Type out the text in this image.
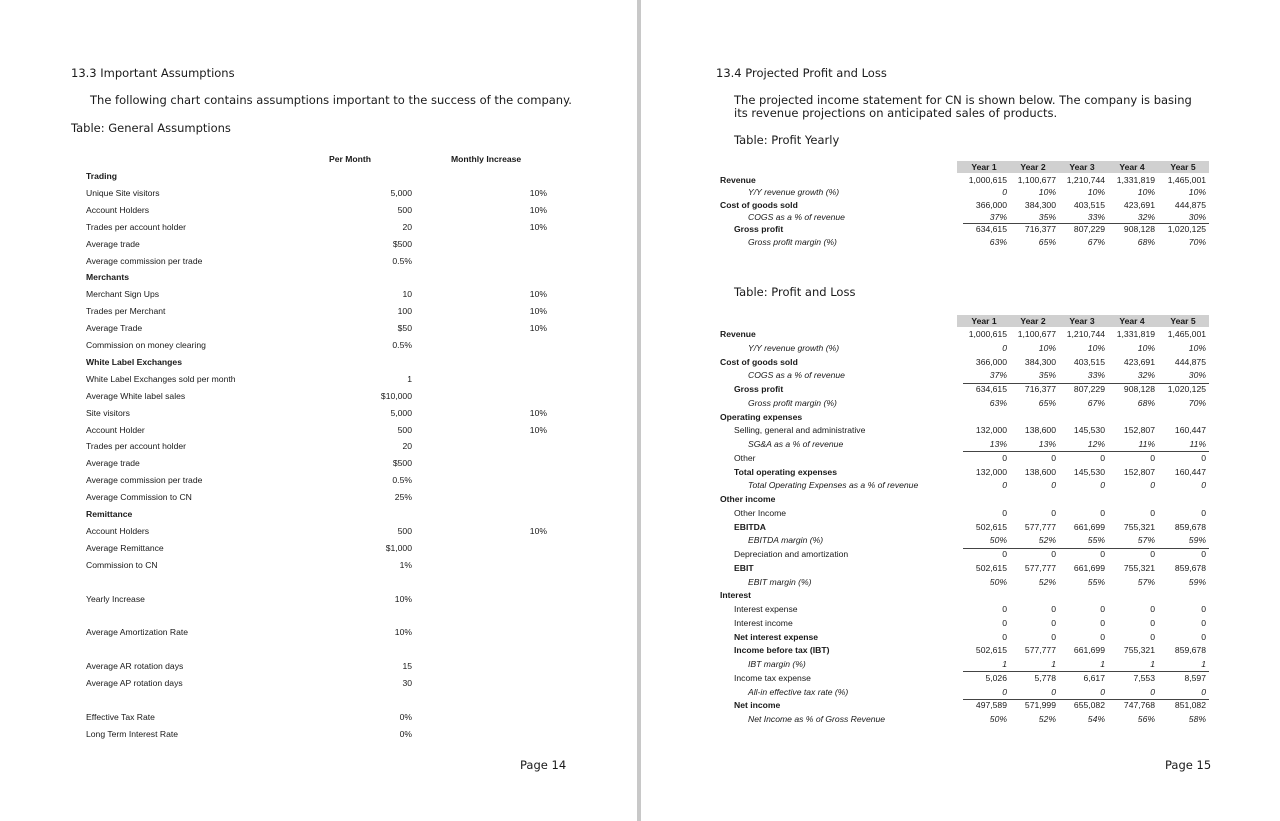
13.3 Important Assumptions
The following chart contains assumptions important to the success of the company.
Table: General Assumptions
Per Month	Monthly Increase
Trading
Unique Site visitors	5,000	10%
Account Holders	500	10%
Trades per account holder	20	10%
Average trade	$500
Average commission per trade	0.5%
Merchants
Merchant Sign Ups	10	10%
Trades per Merchant	100	10%
Average Trade	$50	10%
Commission on money clearing	0.5%
White Label Exchanges
White Label Exchanges sold per month	1
Average White label sales	$10,000
Site visitors	5,000	10%
Account Holder	500	10%
Trades per account holder	20
Average trade	$500
Average commission per trade	0.5%
Average Commission to CN	25%
Remittance
Account Holders	500	10%
Average Remittance	$1,000
Commission to CN	1%
Yearly Increase	10%
Average Amortization Rate	10%
Average AR rotation days	15
Average AP rotation days	30
Effective Tax Rate	0%
Long Term Interest Rate	0%
Page 14
13.4 Projected Profit and Loss
The projected income statement for CN is shown below. The company is basing its revenue projections on anticipated sales of products.
Table: Profit Yearly
Year 1	Year 2	Year 3	Year 4	Year 5
Revenue	1,000,615	1,100,677	1,210,744	1,331,819	1,465,001
Y/Y revenue growth (%)	0	10%	10%	10%	10%
Cost of goods sold	366,000	384,300	403,515	423,691	444,875
COGS as a % of revenue	37%	35%	33%	32%	30%
Gross profit	634,615	716,377	807,229	908,128	1,020,125
Gross profit margin (%)	63%	65%	67%	68%	70%
Table: Profit and Loss
Year 1	Year 2	Year 3	Year 4	Year 5
Revenue	1,000,615	1,100,677	1,210,744	1,331,819	1,465,001
Y/Y revenue growth (%)	0	10%	10%	10%	10%
Cost of goods sold	366,000	384,300	403,515	423,691	444,875
COGS as a % of revenue	37%	35%	33%	32%	30%
Gross profit	634,615	716,377	807,229	908,128	1,020,125
Gross profit margin (%)	63%	65%	67%	68%	70%
Operating expenses
Selling, general and administrative	132,000	138,600	145,530	152,807	160,447
SG&A as a % of revenue	13%	13%	12%	11%	11%
Other	0	0	0	0	0
Total operating expenses	132,000	138,600	145,530	152,807	160,447
Total Operating Expenses as a % of revenue	0	0	0	0	0
Other income
Other Income	0	0	0	0	0
EBITDA	502,615	577,777	661,699	755,321	859,678
EBITDA margin (%)	50%	52%	55%	57%	59%
Depreciation and amortization	0	0	0	0	0
EBIT	502,615	577,777	661,699	755,321	859,678
EBIT margin (%)	50%	52%	55%	57%	59%
Interest
Interest expense	0	0	0	0	0
Interest income	0	0	0	0	0
Net interest expense	0	0	0	0	0
Income before tax (IBT)	502,615	577,777	661,699	755,321	859,678
IBT margin (%)	1	1	1	1	1
Income tax expense	5,026	5,778	6,617	7,553	8,597
All-in effective tax rate (%)	0	0	0	0	0
Net income	497,589	571,999	655,082	747,768	851,082
Net Income as % of Gross Revenue	50%	52%	54%	56%	58%
Page 15
